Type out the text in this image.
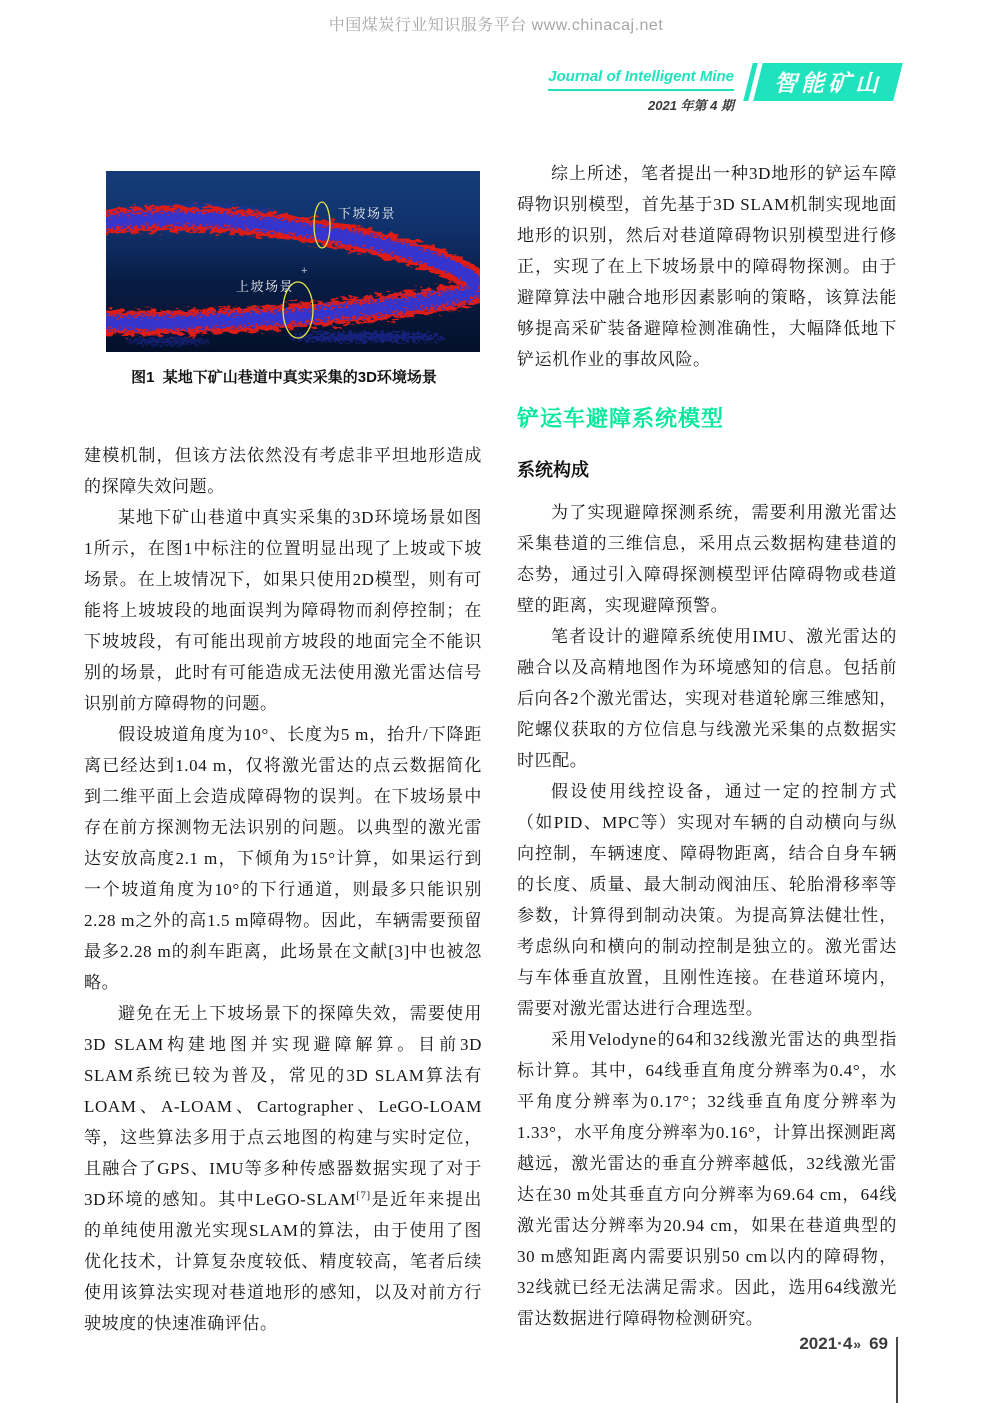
中国煤炭行业知识服务平台 www.chinacaj.net
Journal of Intelligent Mine
2021 年第 4 期
智能矿山
+
下坡场景
上坡场景
图1  某地下矿山巷道中真实采集的3D环境场景

建模机制，但该方法依然没有考虑非平坦地形造成的探障失效问题。

某地下矿山巷道中真实采集的3D环境场景如图1所示，在图1中标注的位置明显出现了上坡或下坡场景。在上坡情况下，如果只使用2D模型，则有可能将上坡坡段的地面误判为障碍物而刹停控制；在下坡坡段，有可能出现前方坡段的地面完全不能识别的场景，此时有可能造成无法使用激光雷达信号识别前方障碍物的问题。

假设坡道角度为10°、长度为5 m，抬升/下降距离已经达到1.04 m，仅将激光雷达的点云数据简化到二维平面上会造成障碍物的误判。在下坡场景中存在前方探测物无法识别的问题。以典型的激光雷达安放高度2.1 m，下倾角为15°计算，如果运行到一个坡道角度为10°的下行通道，则最多只能识别2.28 m之外的高1.5 m障碍物。因此，车辆需要预留最多2.28 m的刹车距离，此场景在文献[3]中也被忽略。

避免在无上下坡场景下的探障失效，需要使用3D SLAM构建地图并实现避障解算。目前3D SLAM系统已较为普及，常见的3D SLAM算法有LOAM、A-LOAM、Cartographer、LeGO-LOAM等，这些算法多用于点云地图的构建与实时定位，且融合了GPS、IMU等多种传感器数据实现了对于3D环境的感知。其中LeGO-SLAM[7]是近年来提出的单纯使用激光实现SLAM的算法，由于使用了图优化技术，计算复杂度较低、精度较高，笔者后续使用该算法实现对巷道地形的感知，以及对前方行驶坡度的快速准确评估。

综上所述，笔者提出一种3D地形的铲运车障碍物识别模型，首先基于3D SLAM机制实现地面地形的识别，然后对巷道障碍物识别模型进行修正，实现了在上下坡场景中的障碍物探测。由于避障算法中融合地形因素影响的策略，该算法能够提高采矿装备避障检测准确性，大幅降低地下铲运机作业的事故风险。

铲运车避障系统模型
系统构成

为了实现避障探测系统，需要利用激光雷达采集巷道的三维信息，采用点云数据构建巷道的态势，通过引入障碍探测模型评估障碍物或巷道壁的距离，实现避障预警。

笔者设计的避障系统使用IMU、激光雷达的融合以及高精地图作为环境感知的信息。包括前后向各2个激光雷达，实现对巷道轮廓三维感知，陀螺仪获取的方位信息与线激光采集的点数据实时匹配。

假设使用线控设备，通过一定的控制方式（如PID、MPC等）实现对车辆的自动横向与纵向控制，车辆速度、障碍物距离，结合自身车辆的长度、质量、最大制动阀油压、轮胎滑移率等参数，计算得到制动决策。为提高算法健壮性，考虑纵向和横向的制动控制是独立的。激光雷达与车体垂直放置，且刚性连接。在巷道环境内，需要对激光雷达进行合理选型。

采用Velodyne的64和32线激光雷达的典型指标计算。其中，64线垂直角度分辨率为0.4°，水平角度分辨率为0.17°；32线垂直角度分辨率为1.33°，水平角度分辨率为0.16°，计算出探测距离越远，激光雷达的垂直分辨率越低，32线激光雷达在30 m处其垂直方向分辨率为69.64 cm，64线激光雷达分辨率为20.94 cm，如果在巷道典型的30 m感知距离内需要识别50 cm以内的障碍物，32线就已经无法满足需求。因此，选用64线激光雷达数据进行障碍物检测研究。

2021·4» 69
